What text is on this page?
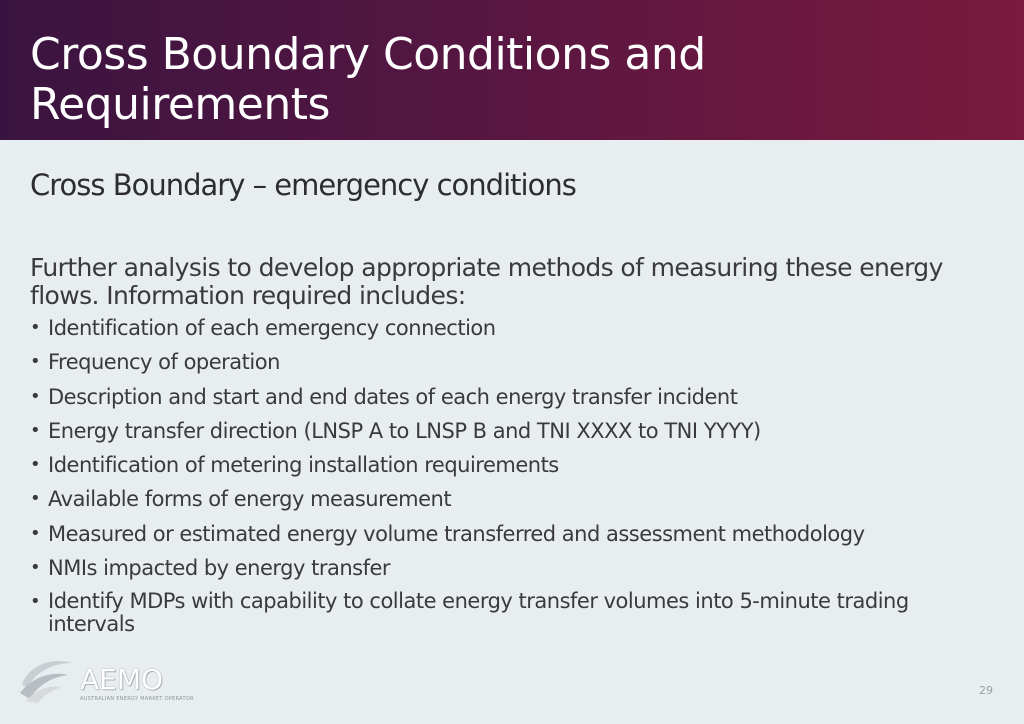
Cross Boundary Conditions and
Requirements
Cross Boundary – emergency conditions

Further analysis to develop appropriate methods of measuring these energy flows. Information required includes:

• Identification of each emergency connection
• Frequency of operation
• Description and start and end dates of each energy transfer incident
• Energy transfer direction (LNSP A to LNSP B and TNI XXXX to TNI YYYY)
• Identification of metering installation requirements
• Available forms of energy measurement
• Measured or estimated energy volume transferred and assessment methodology
• NMIs impacted by energy transfer
• Identify MDPs with capability to collate energy transfer volumes into 5-minute trading intervals
AEMO
AUSTRALIAN ENERGY MARKET OPERATOR
29
